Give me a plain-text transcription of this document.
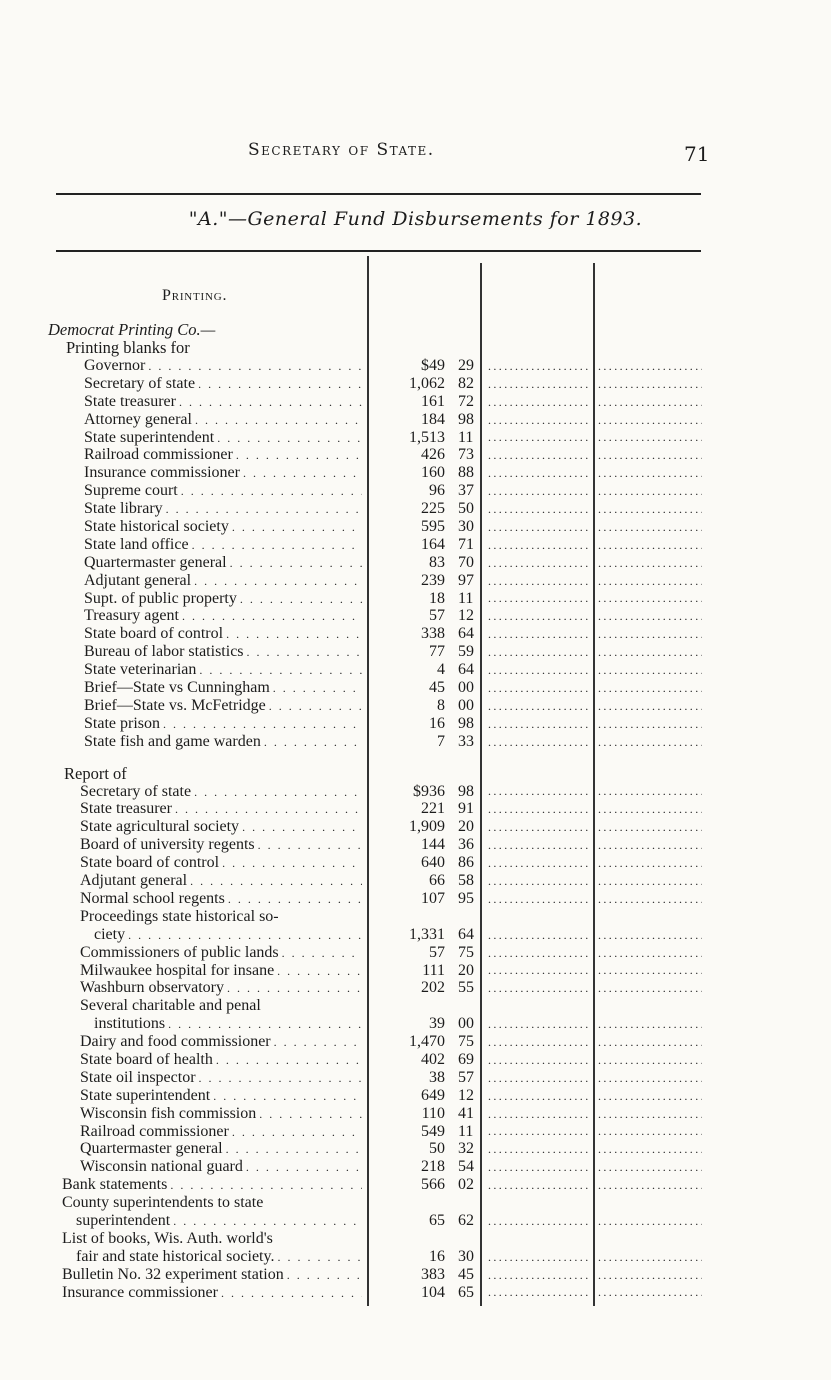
Secretary of State.	71
"A."—General Fund Disbursements for 1893.
Printing.
Democrat Printing Co.—
Printing blanks for
Governor . . .	$49 29
.....
.....
Secretary of state . . .	1,062 82
.....
.....
State treasurer . . .	161 72
.....
.....
Attorney general . . .	184 98
.....
.....
State superintendent . . .	1,513 11
.....
.....
Railroad commissioner . . .	426 73
.....
.....
Insurance commissioner . . .	160 88
.....
.....
Supreme court . . .	96 37
.....
.....
State library . . .	225 50
.....
.....
State historical society . . .	595 30
.....
.....
State land office . . .	164 71
.....
.....
Quartermaster general . . .	83 70
.....
.....
Adjutant general . . .	239 97
.....
.....
Supt. of public property . . .	18 11
.....
.....
Treasury agent . . .	57 12
.....
.....
State board of control . . .	338 64
.....
.....
Bureau of labor statistics . . .	77 59
.....
.....
State veterinarian . . .	4 64
.....
.....
Brief—State vs Cunningham . . .	45 00
.....
.....
Brief—State vs. McFetridge . . .	8 00
.....
.....
State prison . . .	16 98
.....
.....
State fish and game warden . . .	7 33
.....
.....
Report of
Secretary of state . . .	$936 98
.....
.....
State treasurer . . .	221 91
.....
.....
State agricultural society . . .	1,909 20
.....
.....
Board of university regents . . .	144 36
.....
.....
State board of control . . .	640 86
.....
.....
Adjutant general . . .	66 58
.....
.....
Normal school regents . . .	107 95
.....
.....
Proceedings state historical so-
ciety . . .	1,331 64
.....
.....
Commissioners of public lands . . .	57 75
.....
.....
Milwaukee hospital for insane . . .	111 20
.....
.....
Washburn observatory . . .	202 55
.....
.....
Several charitable and penal
institutions . . .	39 00
.....
.....
Dairy and food commissioner . . .	1,470 75
.....
.....
State board of health . . .	402 69
.....
.....
State oil inspector . . .	38 57
.....
.....
State superintendent . . .	649 12
.....
.....
Wisconsin fish commission . . .	110 41
.....
.....
Railroad commissioner . . .	549 11
.....
.....
Quartermaster general . . .	50 32
.....
.....
Wisconsin national guard . . .	218 54
.....
.....
Bank statements . . .	566 02
.....
.....
County superintendents to state
superintendent . . .	65 62
.....
.....
List of books, Wis. Auth. world's
fair and state historical society. . . .	16 30
.....
.....
Bulletin No. 32 experiment station . . .	383 45
.....
.....
Insurance commissioner . . .	104 65
.....
.....
